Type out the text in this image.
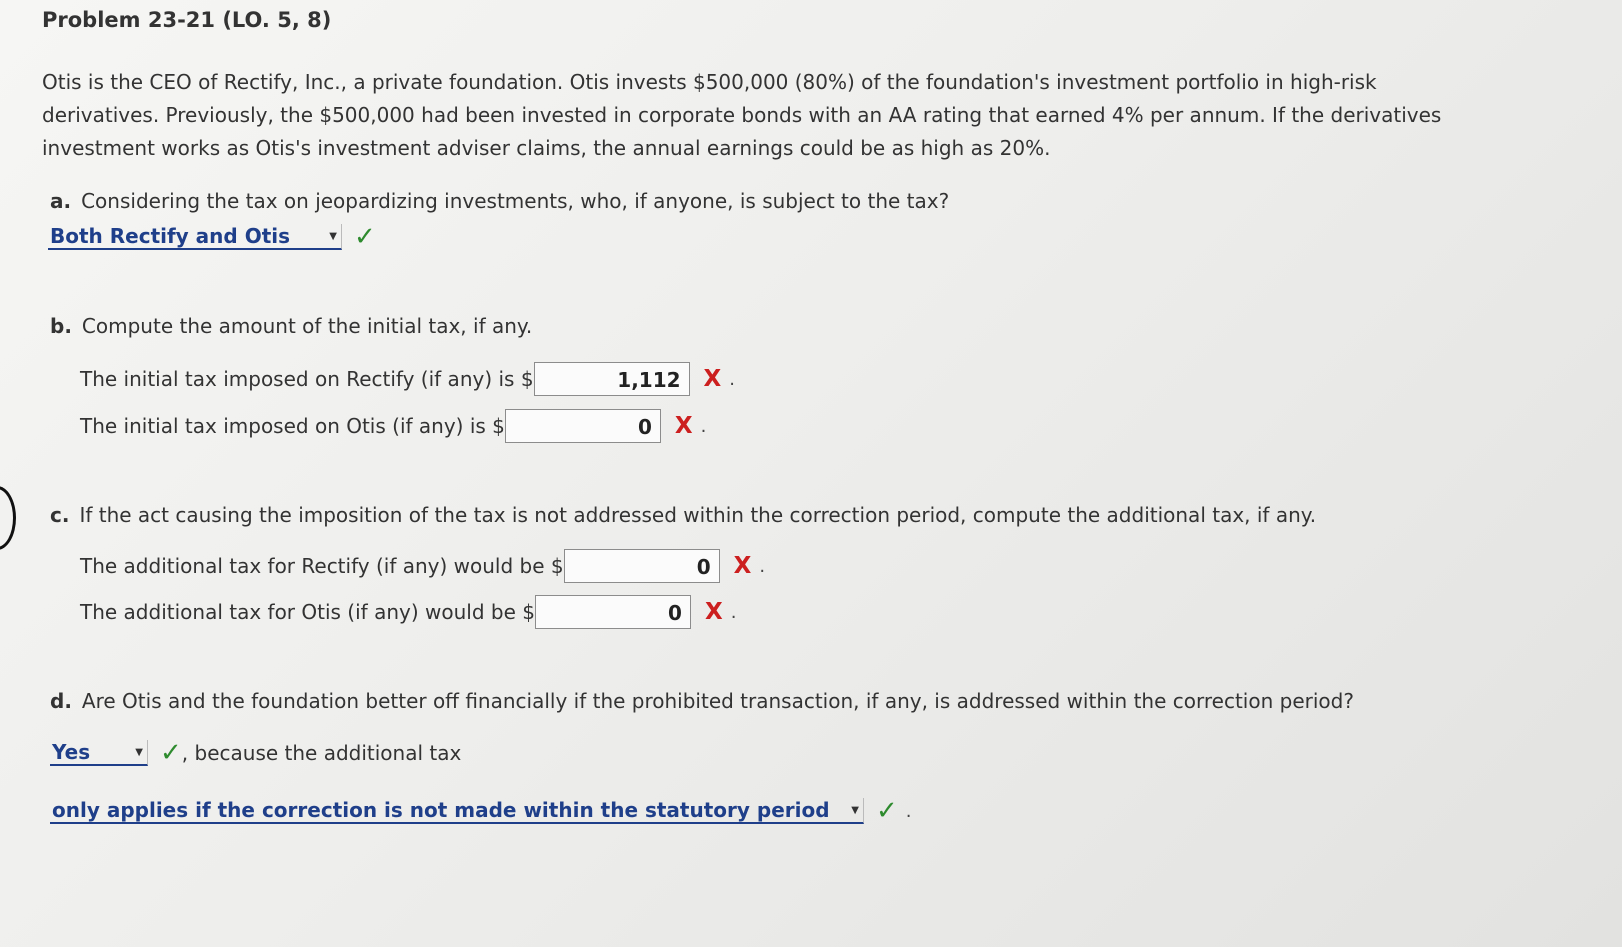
Problem 23-21 (LO. 5, 8)
Otis is the CEO of Rectify, Inc., a private foundation. Otis invests $500,000 (80%) of the foundation's investment portfolio in high-risk
derivatives. Previously, the $500,000 had been invested in corporate bonds with an AA rating that earned 4% per annum. If the derivatives
investment works as Otis's investment adviser claims, the annual earnings could be as high as 20%.
a. Considering the tax on jeopardizing investments, who, if anyone, is subject to the tax?
Both Rectify and Otis	▼ ✓
b. Compute the amount of the initial tax, if any.
The initial tax imposed on Rectify (if any) is $	1,112	X .
The initial tax imposed on Otis (if any) is $	0	X .
c. If the act causing the imposition of the tax is not addressed within the correction period, compute the additional tax, if any.
The additional tax for Rectify (if any) would be $	0	X .
The additional tax for Otis (if any) would be $	0	X .
d. Are Otis and the foundation better off financially if the prohibited transaction, if any, is addressed within the correction period?
Yes	▼ ✓ , because the additional tax
only applies if the correction is not made within the statutory period ▼ ✓ .
